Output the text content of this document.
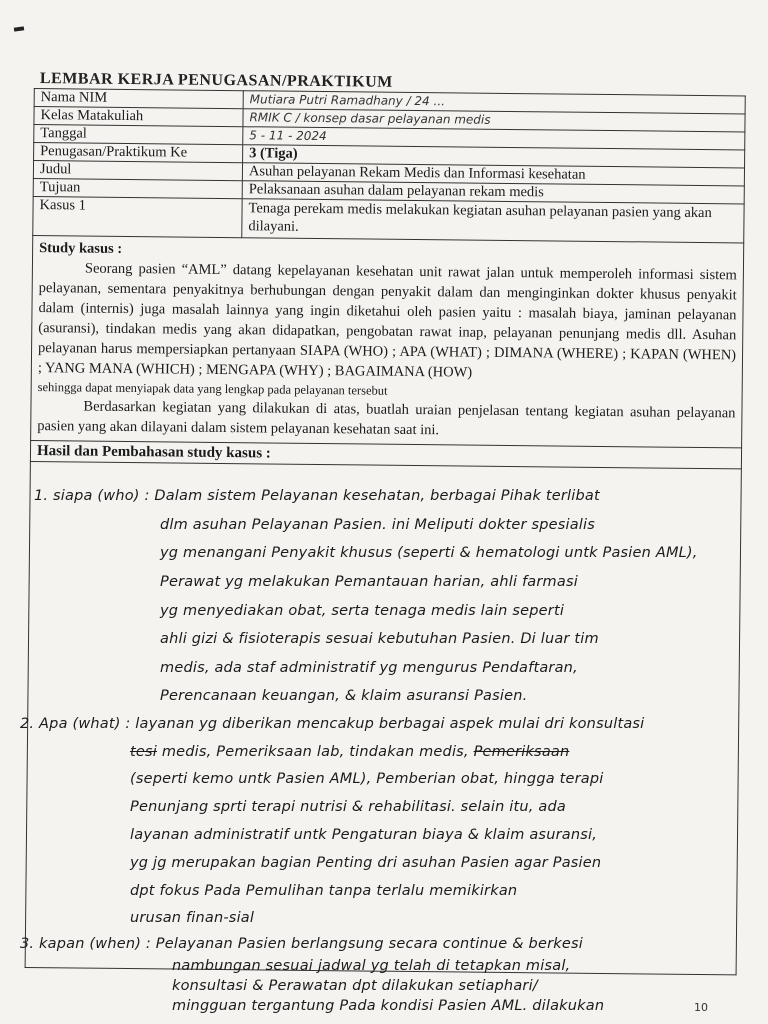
LEMBAR KERJA PENUGASAN/PRAKTIKUM
Nama NIM	Mutiara Putri Ramadhany / 24 ...
Kelas Matakuliah	RMIK C / konsep dasar pelayanan medis
Tanggal	5 - 11 - 2024
Penugasan/Praktikum Ke	3 (Tiga)
Judul	Asuhan pelayanan Rekam Medis dan Informasi kesehatan
Tujuan	Pelaksanaan asuhan dalam pelayanan rekam medis
Kasus 1	Tenaga perekam medis melakukan kegiatan asuhan pelayanan pasien yang akan dilayani.
Study kasus :

Seorang pasien “AML” datang kepelayanan kesehatan unit rawat jalan untuk memperoleh informasi sistem pelayanan, sementara penyakitnya berhubungan dengan penyakit dalam dan menginginkan dokter khusus penyakit dalam (internis) juga masalah lainnya yang ingin diketahui oleh pasien yaitu : masalah biaya, jaminan pelayanan (asuransi), tindakan medis yang akan didapatkan, pengobatan rawat inap, pelayanan penunjang medis dll. Asuhan pelayanan harus mempersiapkan pertanyaan SIAPA (WHO) ; APA (WHAT) ; DIMANA (WHERE) ; KAPAN (WHEN) ; YANG MANA (WHICH) ; MENGAPA (WHY) ; BAGAIMANA (HOW)

sehingga dapat menyiapak data yang lengkap pada pelayanan tersebut

Berdasarkan kegiatan yang dilakukan di atas, buatlah uraian penjelasan tentang kegiatan asuhan pelayanan pasien yang akan dilayani dalam sistem pelayanan kesehatan saat ini.

Hasil dan Pembahasan study kasus :
1. siapa (who) : Dalam sistem Pelayanan kesehatan, berbagai Pihak terlibat
dlm asuhan Pelayanan Pasien. ini Meliputi dokter spesialis
yg menangani Penyakit khusus (seperti & hematologi untk Pasien AML),
Perawat yg melakukan Pemantauan harian, ahli farmasi
yg menyediakan obat, serta tenaga medis lain seperti
ahli gizi & fisioterapis sesuai kebutuhan Pasien. Di luar tim
medis, ada staf administratif yg mengurus Pendaftaran,
Perencanaan keuangan, & klaim asuransi Pasien.
2. Apa (what) : layanan yg diberikan mencakup berbagai aspek mulai dri konsultasi
tesi medis, Pemeriksaan lab, tindakan medis, Pemeriksaan
(seperti kemo untk Pasien AML), Pemberian obat, hingga terapi
Penunjang sprti terapi nutrisi & rehabilitasi. selain itu, ada
layanan administratif untk Pengaturan biaya & klaim asuransi,
yg jg merupakan bagian Penting dri asuhan Pasien agar Pasien
dpt fokus Pada Pemulihan tanpa terlalu memikirkan
urusan finan-sial
3. kapan (when) : Pelayanan Pasien berlangsung secara continue & berkesi
nambungan sesuai jadwal yg telah di tetapkan misal,
konsultasi & Perawatan dpt dilakukan setiaphari/
mingguan tergantung Pada kondisi Pasien AML. dilakukan	10
